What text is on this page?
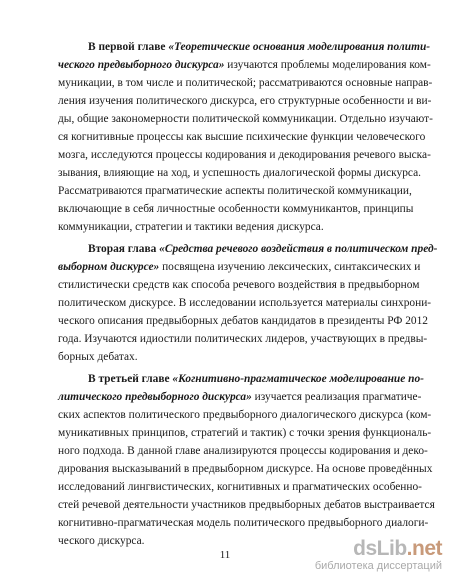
В первой главе «Теоретические основания моделирования полити-
ческого предвыборного дискурса» изучаются проблемы моделирования ком-
муникации, в том числе и политической; рассматриваются основные направ-
ления изучения политического дискурса, его структурные особенности и ви-
ды, общие закономерности политической коммуникации. Отдельно изучают-
ся когнитивные процессы как высшие психические функции человеческого
мозга, исследуются процессы кодирования и декодирования речевого выска-
зывания, влияющие на ход, и успешность диалогической формы дискурса.
Рассматриваются прагматические аспекты политической коммуникации,
включающие в себя личностные особенности коммуникантов, принципы
коммуникации, стратегии и тактики ведения дискурса.
Вторая глава «Средства речевого воздействия в политическом пред-
выборном дискурсе» посвящена изучению лексических, синтаксических и
стилистически средств как способа речевого воздействия в предвыборном
политическом дискурсе. В исследовании используется материалы синхрони-
ческого описания предвыборных дебатов кандидатов в президенты РФ 2012
года. Изучаются идиостили политических лидеров, участвующих в предвы-
борных дебатах.
В третьей главе «Когнитивно-прагматическое моделирование по-
литического предвыборного дискурса» изучается реализация прагматиче-
ских аспектов политического предвыборного диалогического дискурса (ком-
муникативных принципов, стратегий и тактик) с точки зрения функциональ-
ного подхода. В данной главе анализируются процессы кодирования и деко-
дирования высказываний в предвыборном дискурсе. На основе проведённых
исследований лингвистических, когнитивных и прагматических особенно-
стей речевой деятельности участников предвыборных дебатов выстраивается
когнитивно-прагматическая модель политического предвыборного диалоги-
ческого дискурса.
11	dsLib.net
библиотека диссертаций
